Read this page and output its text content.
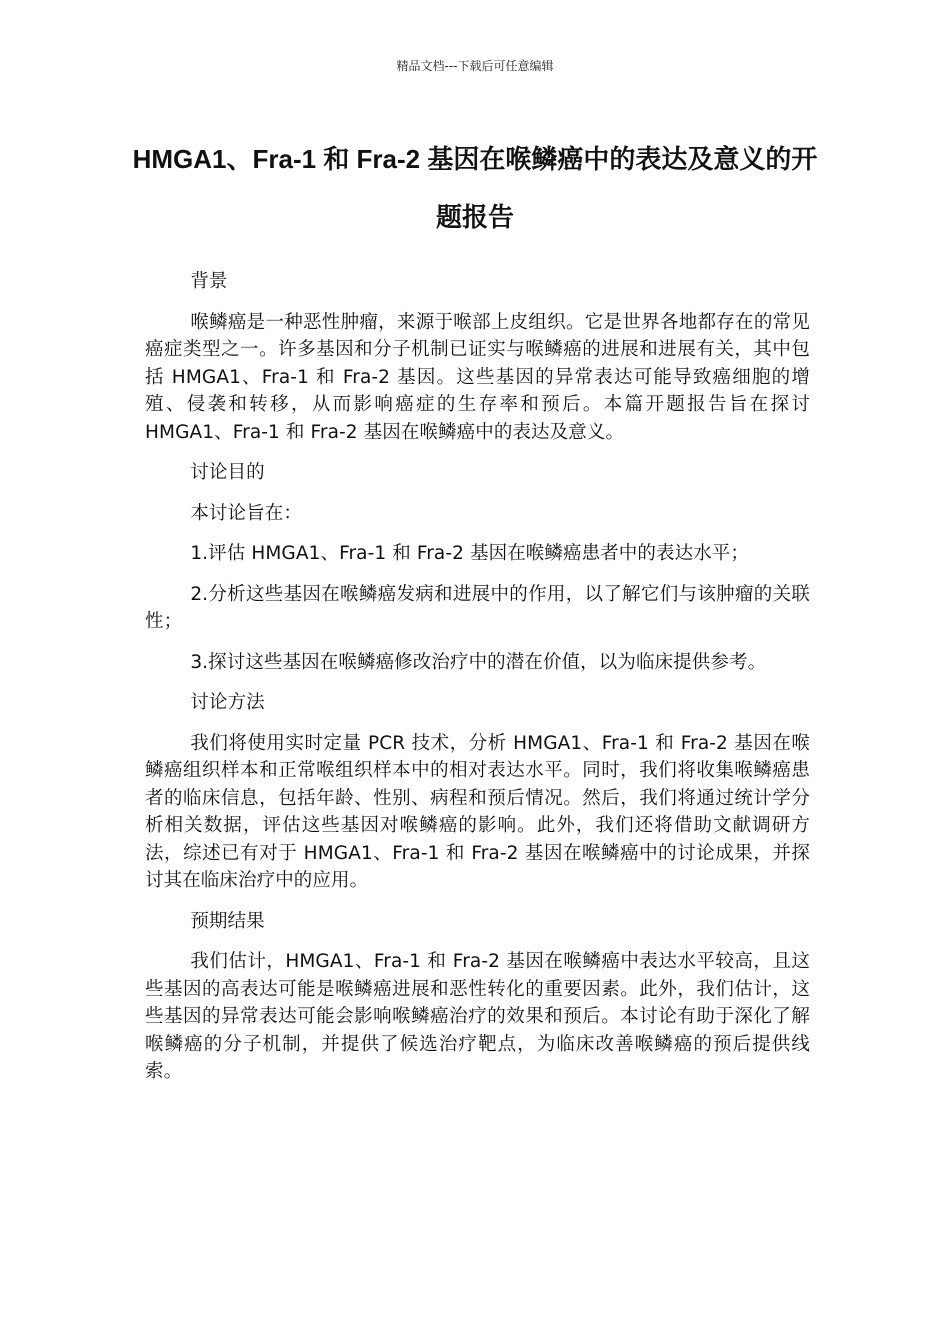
精品文档---下载后可任意编辑
HMGA1、Fra-1 和 Fra-2 基因在喉鳞癌中的表达及意义的开题报告

背景

喉鳞癌是一种恶性肿瘤，来源于喉部上皮组织。它是世界各地都存在的常见癌症类型之一。许多基因和分子机制已证实与喉鳞癌的进展和进展有关，其中包括 HMGA1、Fra-1 和 Fra-2 基因。这些基因的异常表达可能导致癌细胞的增殖、侵袭和转移，从而影响癌症的生存率和预后。本篇开题报告旨在探讨 HMGA1、Fra-1 和 Fra-2 基因在喉鳞癌中的表达及意义。

讨论目的

本讨论旨在：

1.评估 HMGA1、Fra-1 和 Fra-2 基因在喉鳞癌患者中的表达水平；

2.分析这些基因在喉鳞癌发病和进展中的作用，以了解它们与该肿瘤的关联性；

3.探讨这些基因在喉鳞癌修改治疗中的潜在价值，以为临床提供参考。

讨论方法

我们将使用实时定量 PCR 技术，分析 HMGA1、Fra-1 和 Fra-2 基因在喉鳞癌组织样本和正常喉组织样本中的相对表达水平。同时，我们将收集喉鳞癌患者的临床信息，包括年龄、性别、病程和预后情况。然后，我们将通过统计学分析相关数据，评估这些基因对喉鳞癌的影响。此外，我们还将借助文献调研方法，综述已有对于 HMGA1、Fra-1 和 Fra-2 基因在喉鳞癌中的讨论成果，并探讨其在临床治疗中的应用。

预期结果

我们估计，HMGA1、Fra-1 和 Fra-2 基因在喉鳞癌中表达水平较高，且这些基因的高表达可能是喉鳞癌进展和恶性转化的重要因素。此外，我们估计，这些基因的异常表达可能会影响喉鳞癌治疗的效果和预后。本讨论有助于深化了解喉鳞癌的分子机制，并提供了候选治疗靶点，为临床改善喉鳞癌的预后提供线索。
